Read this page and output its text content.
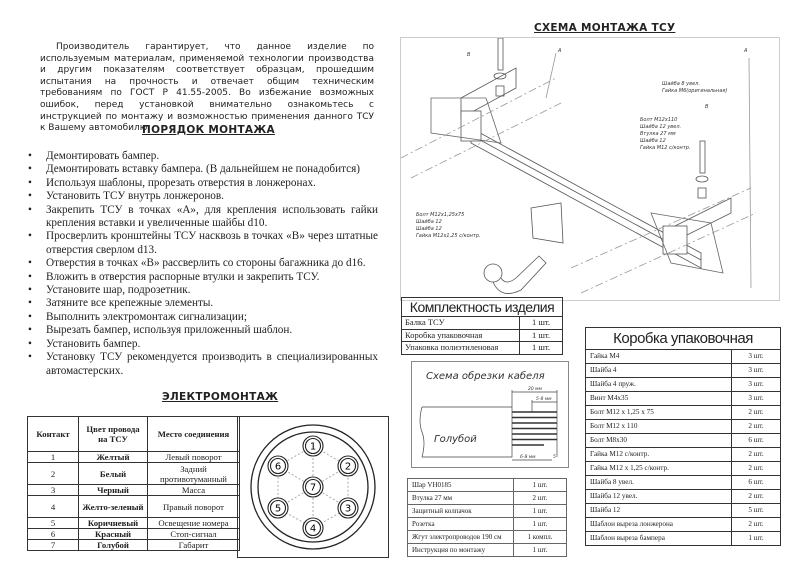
Производитель гарантирует, что данное изделие по используемым материалам, применяемой технологии производства и другим показателям соответствует образцам, прошедшим испытания на прочность и отвечает общим техническим требованиям по ГОСТ Р 41.55-2005. Во избежание возможных ошибок, перед установкой внимательно ознакомьтесь с инструкцией по монтажу и возможностью применения данного ТСУ к Вашему автомобилю.
ПОРЯДОК МОНТАЖА
• Демонтировать бампер.
• Демонтировать вставку бампера. (В дальнейшем не понадобится)
• Используя шаблоны, прорезать отверстия в лонжеронах.
• Установить ТСУ внутрь лонжеронов.
• Закрепить ТСУ в точках «А», для крепления использовать гайки крепления вставки и увеличенные шайбы d10.
• Просверлить кронштейны ТСУ насквозь в точках «В» через штатные отверстия сверлом d13.
• Отверстия в точках «В» рассверлить со стороны багажника до d16.
• Вложить в отверстия распорные втулки и закрепить ТСУ.
• Установите шар, подрозетник.
• Затяните все крепежные элементы.
• Выполнить электромонтаж сигнализации;
• Вырезать бампер, используя приложенный шаблон.
• Установить бампер.
• Установку ТСУ рекомендуется производить в специализированных автомастерских.
ЭЛЕКТРОМОНТАЖ
Контакт	Цвет провода на ТСУ	Место соединения
1	Желтый	Левый поворот
2	Белый	Задний противотуманный
3	Черный	Масса
4	Желто-зеленый	Правый поворот
5	Коричневый	Освещение номера
6	Красный	Стоп-сигнал
7	Голубой	Габарит
1
2
3
4
5
6
7
СХЕМА МОНТАЖА ТСУ
А	А
В
В
Шайба 8 увел.
Гайка М6(оригинальная)
Болт М12х110
Шайба 12 увел.
Втулка 27 мм
Шайба 12
Гайка М12 с/контр.
Болт М12х1,25х75
Шайба 12
Шайба 12
Гайка М12х1,25 с/контр.
Комплектность изделия
Балка ТСУ	1 шт.
Коробка упаковочная	1 шт.
Упаковка полиэтиленовая	1 шт.
Схема обрезки кабеля
20 мм
5-8 мм
6-8 мм	5
Голубой
Шар VH0185	1 шт.
Втулка 27 мм	2 шт.
Защитный колпачок	1 шт.
Розетка	1 шт.
Жгут электропроводов 190 см	1 компл.
Инструкция по монтажу	1 шт.
Коробка упаковочная
Гайка М4	3 шт.
Шайба 4	3 шт.
Шайба 4 пруж.	3 шт.
Винт М4х35	3 шт.
Болт М12 х 1,25 х 75	2 шт.
Болт М12 х 110	2 шт.
Болт М8х30	6 шт.
Гайка М12 с/контр.	2 шт.
Гайка М12 х 1,25 с/контр.	2 шт.
Шайба 8 увел.	6 шт.
Шайба 12 увел.	2 шт.
Шайба 12	5 шт.
Шаблон выреза лонжерона	2 шт.
Шаблон выреза бампера	1 шт.
